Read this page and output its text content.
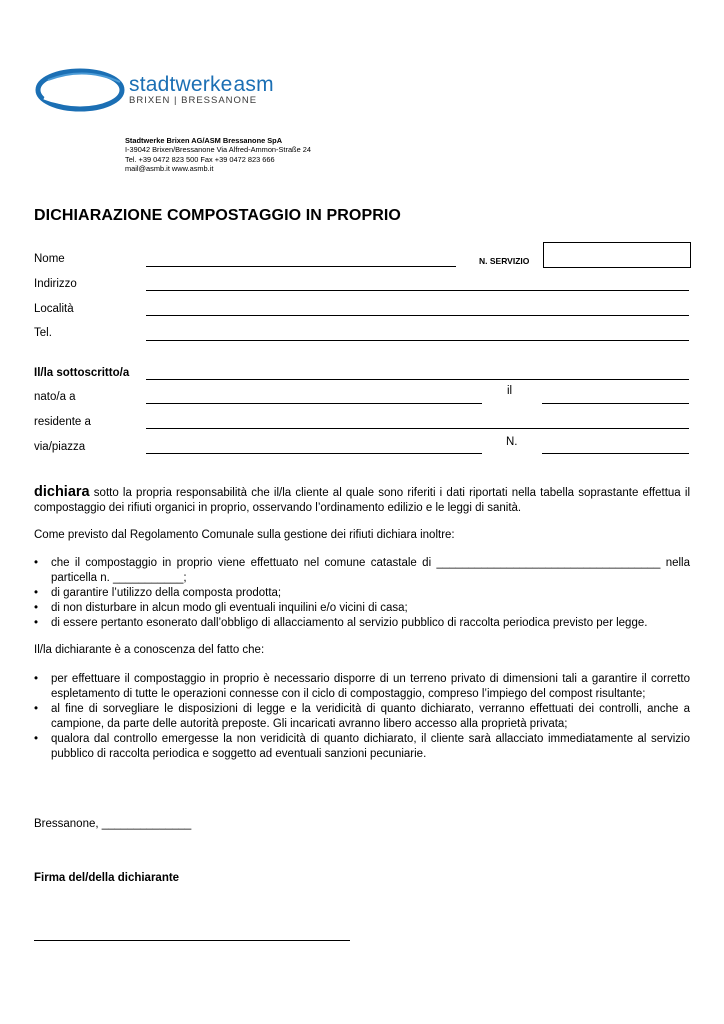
stadtwerkeasm
BRIXEN | BRESSANONE
Stadtwerke Brixen AG/ASM Bressanone SpA
I-39042 Brixen/Bressanone Via Alfred-Ammon-Straße 24
Tel. +39 0472 823 500 Fax +39 0472 823 666
mail@asmb.it www.asmb.it
DICHIARAZIONE COMPOSTAGGIO IN PROPRIO
Nome	N. SERVIZIO
Indirizzo
Località
Tel.
Il/la sottoscritto/a
nato/a a	il
residente a
via/piazza	N.
dichiara sotto la propria responsabilità che il/la cliente al quale sono riferiti i dati riportati nella tabella soprastante effettua il compostaggio dei rifiuti organici in proprio, osservando l’ordinamento edilizio e le leggi di sanità.
Come previsto dal Regolamento Comunale sulla gestione dei rifiuti dichiara inoltre:
• che il compostaggio in proprio viene effettuato nel comune catastale di ___________________________________ nella particella n. ___________;
• di garantire l’utilizzo della composta prodotta;
• di non disturbare in alcun modo gli eventuali inquilini e/o vicini di casa;
• di essere pertanto esonerato dall’obbligo di allacciamento al servizio pubblico di raccolta periodica previsto per legge.
Il/la dichiarante è a conoscenza del fatto che:
• per effettuare il compostaggio in proprio è necessario disporre di un terreno privato di dimensioni tali a garantire il corretto espletamento di tutte le operazioni connesse con il ciclo di compostaggio, compreso l’impiego del compost risultante;
• al fine di sorvegliare le disposizioni di legge e la veridicità di quanto dichiarato, verranno effettuati dei controlli, anche a campione, da parte delle autorità preposte. Gli incaricati avranno libero accesso alla proprietà privata;
• qualora dal controllo emergesse la non veridicità di quanto dichiarato, il cliente sarà allacciato immediatamente al servizio pubblico di raccolta periodica e soggetto ad eventuali sanzioni pecuniarie.
Bressanone, ______________
Firma del/della dichiarante
